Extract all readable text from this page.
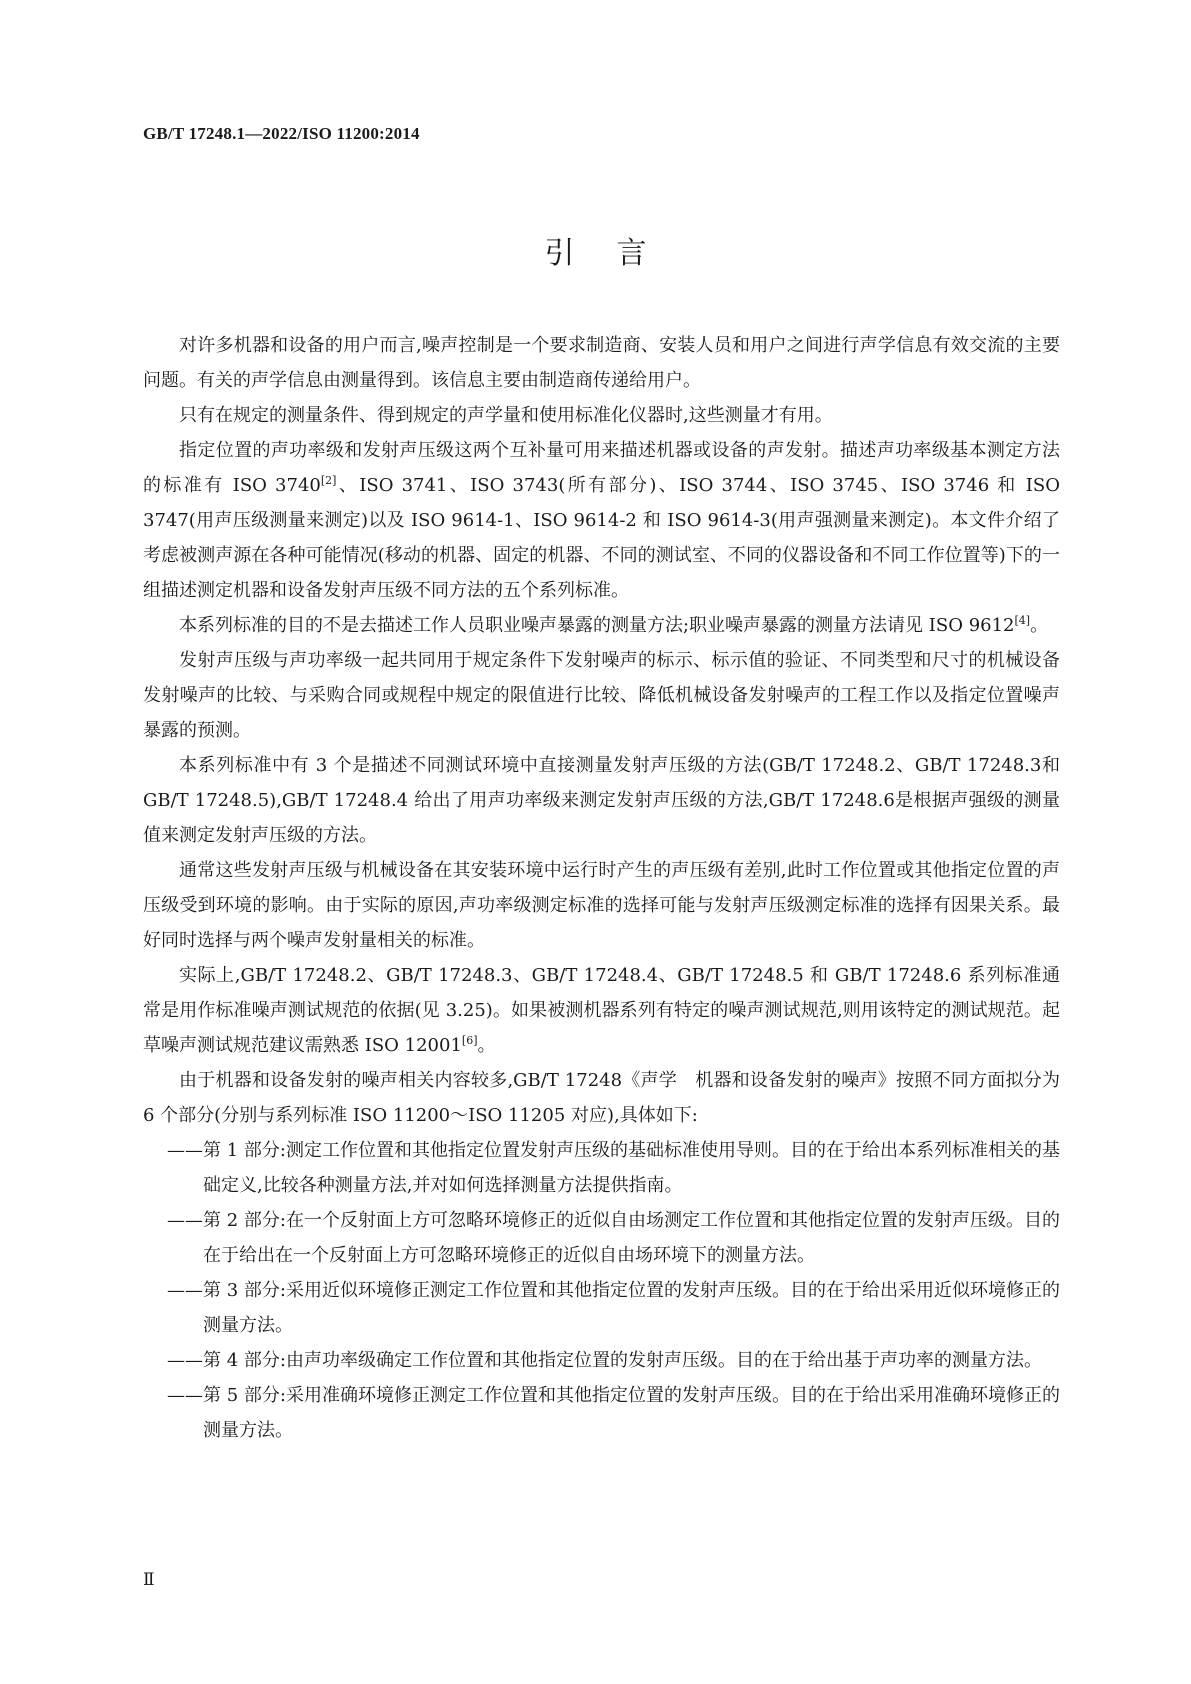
GB/T 17248.1—2022/ISO 11200:2014
引言

对许多机器和设备的用户而言,噪声控制是一个要求制造商、安装人员和用户之间进行声学信息有效交流的主要问题。有关的声学信息由测量得到。该信息主要由制造商传递给用户。

只有在规定的测量条件、得到规定的声学量和使用标准化仪器时,这些测量才有用。

指定位置的声功率级和发射声压级这两个互补量可用来描述机器或设备的声发射。描述声功率级基本测定方法的标准有 ISO 3740[2]、ISO 3741、ISO 3743(所有部分)、ISO 3744、ISO 3745、ISO 3746 和 ISO 3747(用声压级测量来测定)以及 ISO 9614-1、ISO 9614-2 和 ISO 9614-3(用声强测量来测定)。本文件介绍了考虑被测声源在各种可能情况(移动的机器、固定的机器、不同的测试室、不同的仪器设备和不同工作位置等)下的一组描述测定机器和设备发射声压级不同方法的五个系列标准。

本系列标准的目的不是去描述工作人员职业噪声暴露的测量方法;职业噪声暴露的测量方法请见 ISO 9612[4]。

发射声压级与声功率级一起共同用于规定条件下发射噪声的标示、标示值的验证、不同类型和尺寸的机械设备发射噪声的比较、与采购合同或规程中规定的限值进行比较、降低机械设备发射噪声的工程工作以及指定位置噪声暴露的预测。

本系列标准中有 3 个是描述不同测试环境中直接测量发射声压级的方法(GB/T 17248.2、GB/T 17248.3和 GB/T 17248.5),GB/T 17248.4 给出了用声功率级来测定发射声压级的方法,GB/T 17248.6是根据声强级的测量值来测定发射声压级的方法。

通常这些发射声压级与机械设备在其安装环境中运行时产生的声压级有差别,此时工作位置或其他指定位置的声压级受到环境的影响。由于实际的原因,声功率级测定标准的选择可能与发射声压级测定标准的选择有因果关系。最好同时选择与两个噪声发射量相关的标准。

实际上,GB/T 17248.2、GB/T 17248.3、GB/T 17248.4、GB/T 17248.5 和 GB/T 17248.6 系列标准通常是用作标准噪声测试规范的依据(见 3.25)。如果被测机器系列有特定的噪声测试规范,则用该特定的测试规范。起草噪声测试规范建议需熟悉 ISO 12001[6]。

由于机器和设备发射的噪声相关内容较多,GB/T 17248《声学　机器和设备发射的噪声》按照不同方面拟分为 6 个部分(分别与系列标准 ISO 11200～ISO 11205 对应),具体如下:

—— 第 1 部分:测定工作位置和其他指定位置发射声压级的基础标准使用导则。目的在于给出本系列标准相关的基础定义,比较各种测量方法,并对如何选择测量方法提供指南。
—— 第 2 部分:在一个反射面上方可忽略环境修正的近似自由场测定工作位置和其他指定位置的发射声压级。目的在于给出在一个反射面上方可忽略环境修正的近似自由场环境下的测量方法。
—— 第 3 部分:采用近似环境修正测定工作位置和其他指定位置的发射声压级。目的在于给出采用近似环境修正的测量方法。
—— 第 4 部分:由声功率级确定工作位置和其他指定位置的发射声压级。目的在于给出基于声功率的测量方法。
—— 第 5 部分:采用准确环境修正测定工作位置和其他指定位置的发射声压级。目的在于给出采用准确环境修正的测量方法。
Ⅱ
